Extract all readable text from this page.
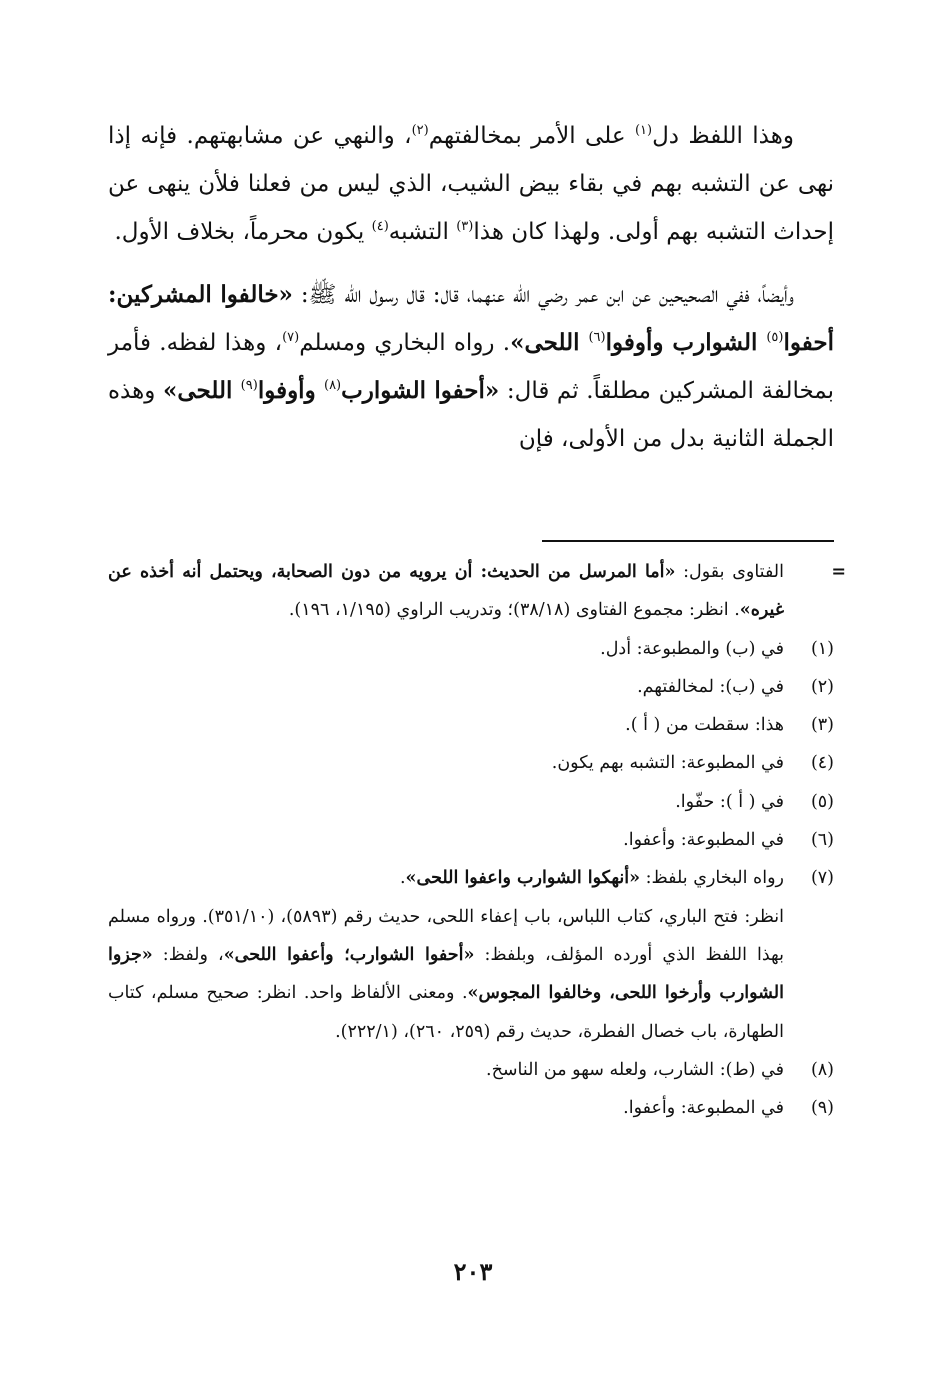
وهذا اللفظ دل$^{(١)}$ على الأمر بمخالفتهم$^{(٢)}$، والنهي عن مشابهتهم. فإنه إذا نهى عن التشبه بهم في بقاء بيض الشيب، الذي ليس من فعلنا فلأن ينهى عن إحداث التشبه بهم أولى. ولهذا كان هذا$^{(٣)}$ التشبه$^{(٤)}$ يكون محرماً، بخلاف الأول.

وأيضاً، ففي الصحيحين عن ابن عمر رضي الله عنهما، قال: قال رسول الله ﷺ: «خالفوا المشركين: أحفوا$^{(٥)}$ الشوارب وأوفوا$^{(٦)}$ اللحى». رواه البخاري ومسلم$^{(٧)}$، وهذا لفظه. فأمر بمخالفة المشركين مطلقاً. ثم قال: «أحفوا الشوارب$^{(٨)}$ وأوفوا$^{(٩)}$ اللحى» وهذه الجملة الثانية بدل من الأولى، فإن

=
الفتاوى بقول: «أما المرسل من الحديث: أن يرويه من دون الصحابة، ويحتمل أنه أخذه عن غيره». انظر: مجموع الفتاوى (٣٨/١٨)؛ وتدريب الراوي (١/١٩٥، ١٩٦).
(١)
في (ب) والمطبوعة: أدل.
(٢)
في (ب): لمخالفتهم.
(٣)
هذا: سقطت من ( أ ).
(٤)
في المطبوعة: التشبه بهم يكون.
(٥)
في ( أ ): حفّوا.
(٦)
في المطبوعة: وأعفوا.
(٧)
رواه البخاري بلفظ: «أنهكوا الشوارب واعفوا اللحى».
انظر: فتح الباري، كتاب اللباس، باب إعفاء اللحى، حديث رقم (٥٨٩٣)، (٣٥١/١٠). ورواه مسلم بهذا اللفظ الذي أورده المؤلف، وبلفظ: «أحفوا الشوارب؛ وأعفوا اللحى»، ولفظ: «جزوا الشوارب وأرخوا اللحى، وخالفوا المجوس». ومعنى الألفاظ واحد. انظر: صحيح مسلم، كتاب الطهارة، باب خصال الفطرة، حديث رقم (٢٥٩، ٢٦٠)، (٢٢٢/١).
(٨)
في (ط): الشارب، ولعله سهو من الناسخ.
(٩)
في المطبوعة: وأعفوا.
٢٠٣
